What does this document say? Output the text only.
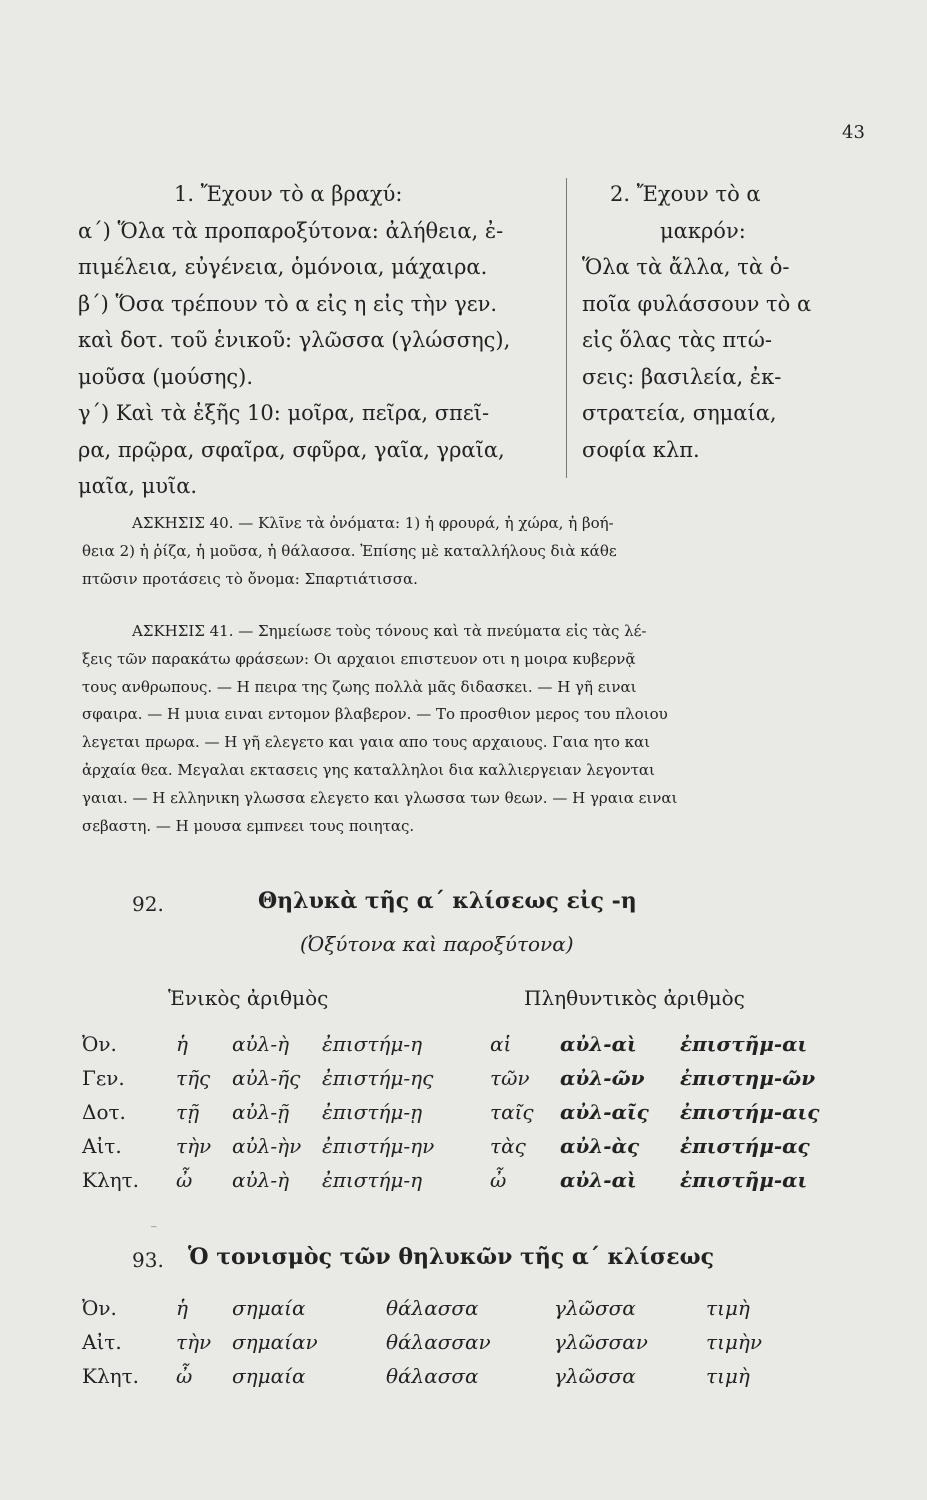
43
1. Ἔχουν τὸ α βραχύ:
α΄) Ὅλα τὰ προπαροξύτονα: ἀλήθεια, ἐ-
πιμέλεια, εὐγένεια, ὁμόνοια, μάχαιρα.
β΄) Ὅσα τρέπουν τὸ α εἰς η εἰς τὴν γεν.
καὶ δοτ. τοῦ ἑνικοῦ: γλῶσσα (γλώσσης),
μοῦσα (μούσης).
γ΄) Καὶ τὰ ἑξῆς 10: μοῖρα, πεῖρα, σπεῖ-
ρα, πρῷρα, σφαῖρα, σφῦρα, γαῖα, γραῖα,
μαῖα, μυῖα.
2. Ἔχουν τὸ α
μακρόν:
Ὅλα τὰ ἄλλα, τὰ ὁ-
ποῖα φυλάσσουν τὸ α
εἰς ὅλας τὰς πτώ-
σεις: βασιλεία, ἐκ-
στρατεία, σημαία,
σοφία κλπ.
ΑΣΚΗΣΙΣ 40. — Κλῖνε τὰ ὀνόματα: 1) ἡ φρουρά, ἡ χώρα, ἡ βοή-
θεια 2) ἡ ῥίζα, ἡ μοῦσα, ἡ θάλασσα. Ἐπίσης μὲ καταλλήλους διὰ κάθε
πτῶσιν προτάσεις τὸ ὄνομα: Σπαρτιάτισσα.
ΑΣΚΗΣΙΣ 41. — Σημείωσε τοὺς τόνους καὶ τὰ πνεύματα εἰς τὰς λέ-
ξεις τῶν παρακάτω φράσεων: Οι αρχαιοι επιστευον οτι η μοιρα κυβερνᾷ
τους ανθρωπους. — Η πειρα της ζωης πολλὰ μᾶς διδασκει. — Η γῆ ειναι
σφαιρα. — Η μυια ειναι εντομον βλαβερον. — Το προσθιον μερος του πλοιου
λεγεται πρωρα. — Η γῆ ελεγετο και γαια απο τους αρχαιους. Γαια ητο και
ἀρχαία θεα. Μεγαλαι εκτασεις γης καταλληλοι δια καλλιεργειαν λεγονται
γαιαι. — Η ελληνικη γλωσσα ελεγετο και γλωσσα των θεων. — Η γραια ειναι
σεβαστη. — Η μουσα εμπνεει τους ποιητας.
92.	Θηλυκὰ τῆς α΄ κλίσεως εἰς -η
(Ὀξύτονα καὶ παροξύτονα)
Ἑνικὸς ἀριθμὸς	Πληθυντικὸς ἀριθμὸς
Ὀν.	ἡ αὐλ-ὴ ἐπιστήμ-η	αἱ αὐλ-αὶ ἐπιστῆμ-αι
Γεν.	τῆς αὐλ-ῆς ἐπιστήμ-ης	τῶν αὐλ-ῶν ἐπιστημ-ῶν
Δοτ.	τῇ αὐλ-ῇ ἐπιστήμ-ῃ	ταῖς αὐλ-αῖς ἐπιστήμ-αις
Αἰτ.	τὴν αὐλ-ὴν ἐπιστήμ-ην	τὰς αὐλ-ὰς ἐπιστήμ-ας
Κλητ. ὦ αὐλ-ὴ ἐπιστήμ-η	ὦ	αὐλ-αὶ ἐπιστῆμ-αι
⁻
93. Ὁ τονισμὸς τῶν θηλυκῶν τῆς α΄ κλίσεως
Ὀν.	ἡ σημαία	θάλασσα	γλῶσσα	τιμὴ
Αἰτ.	τὴν σημαίαν	θάλασσαν	γλῶσσαν	τιμὴν
Κλητ. ὦ σημαία	θάλασσα	γλῶσσα	τιμὴ
